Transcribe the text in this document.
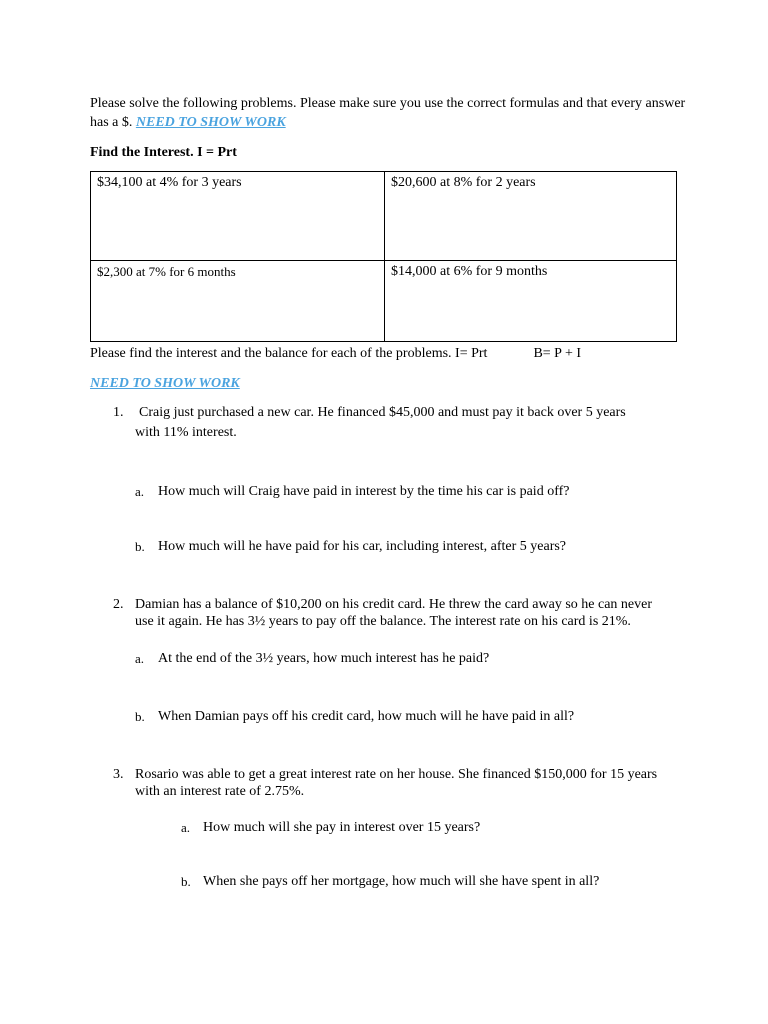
Please solve the following problems. Please make sure you use the correct formulas and that every answer has a $. NEED TO SHOW WORK
Find the Interest. I = Prt
$34,100 at 4% for 3 years	$20,600 at 8% for 2 years
$2,300 at 7% for 6 months	$14,000 at 6% for 9 months
Please find the interest and the balance for each of the problems. I= Prt	B= P + I
NEED TO SHOW WORK
1. Craig just purchased a new car. He financed $45,000 and must pay it back over 5 years
with 11% interest.
a. How much will Craig have paid in interest by the time his car is paid off?
b. How much will he have paid for his car, including interest, after 5 years?
2. Damian has a balance of $10,200 on his credit card. He threw the card away so he can never
use it again. He has 3½ years to pay off the balance. The interest rate on his card is 21%.
a. At the end of the 3½ years, how much interest has he paid?
b. When Damian pays off his credit card, how much will he have paid in all?
3. Rosario was able to get a great interest rate on her house. She financed $150,000 for 15 years
with an interest rate of 2.75%.
a. How much will she pay in interest over 15 years?
b. When she pays off her mortgage, how much will she have spent in all?
